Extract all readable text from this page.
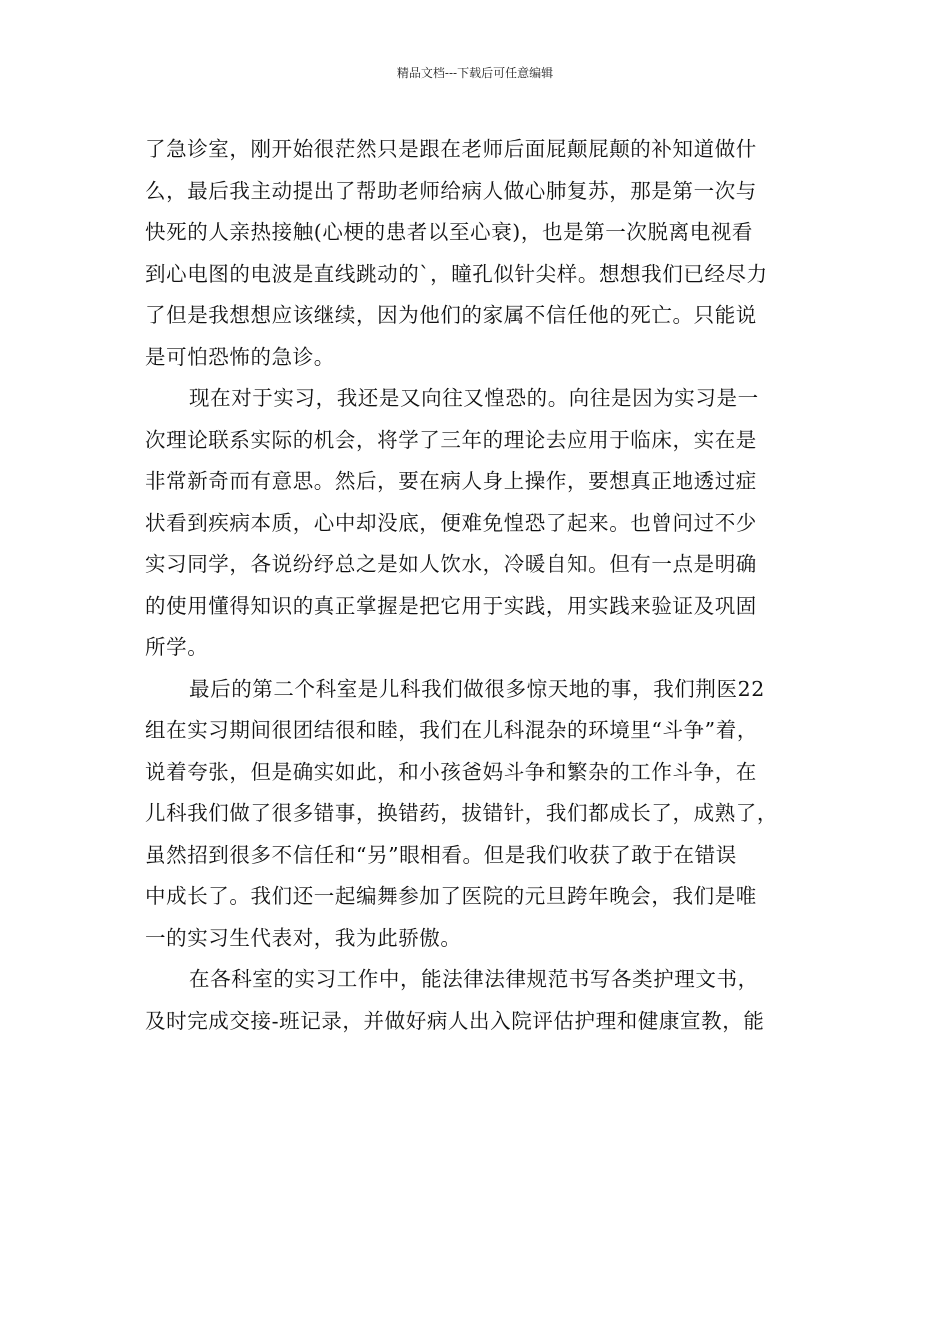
精品文档---下载后可任意编辑

了急诊室，刚开始很茫然只是跟在老师后面屁颠屁颠的补知道做什
么，最后我主动提出了帮助老师给病人做心肺复苏，那是第一次与
快死的人亲热接触(心梗的患者以至心衰)，也是第一次脱离电视看
到心电图的电波是直线跳动的`，瞳孔似针尖样。想想我们已经尽力
了但是我想想应该继续，因为他们的家属不信任他的死亡。只能说
是可怕恐怖的急诊。

现在对于实习，我还是又向往又惶恐的。向往是因为实习是一
次理论联系实际的机会，将学了三年的理论去应用于临床，实在是
非常新奇而有意思。然后，要在病人身上操作，要想真正地透过症
状看到疾病本质，心中却没底，便难免惶恐了起来。也曾问过不少
实习同学，各说纷纾总之是如人饮水，冷暖自知。但有一点是明确
的使用懂得知识的真正掌握是把它用于实践，用实践来验证及巩固
所学。

最后的第二个科室是儿科我们做很多惊天地的事，我们荆医22
组在实习期间很团结很和睦，我们在儿科混杂的环境里“斗争”着，
说着夸张，但是确实如此，和小孩爸妈斗争和繁杂的工作斗争，在
儿科我们做了很多错事，换错药，拔错针，我们都成长了，成熟了，
虽然招到很多不信任和“另”眼相看。但是我们收获了敢于在错误
中成长了。我们还一起编舞参加了医院的元旦跨年晚会，我们是唯
一的实习生代表对，我为此骄傲。

在各科室的实习工作中，能法律法律规范书写各类护理文书，
及时完成交接-班记录，并做好病人出入院评估护理和健康宣教，能
